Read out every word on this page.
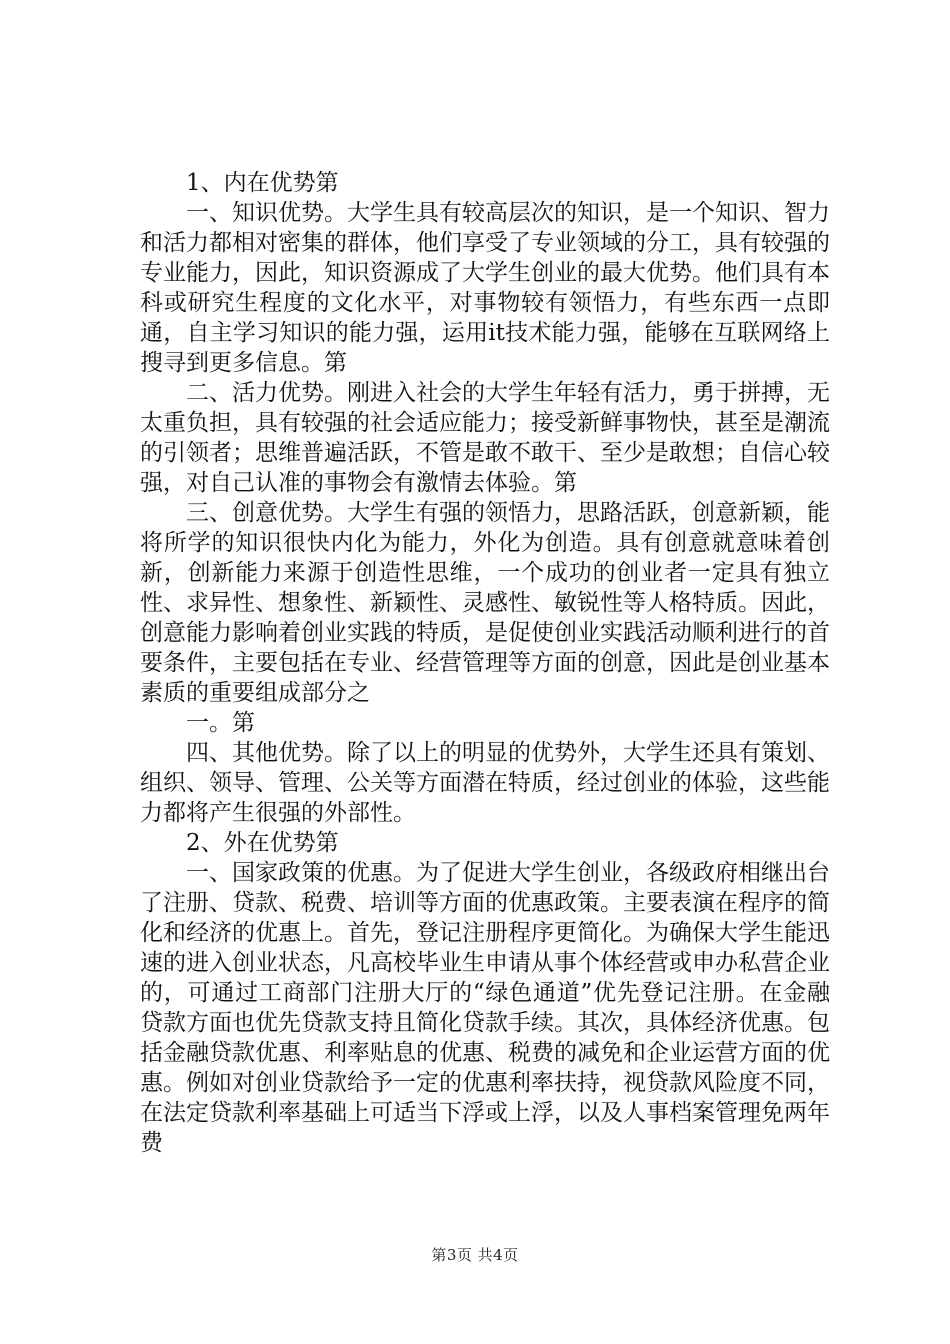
1、内在优势第

一、知识优势。大学生具有较高层次的知识，是一个知识、智力和活力都相对密集的群体，他们享受了专业领域的分工，具有较强的专业能力，因此，知识资源成了大学生创业的最大优势。他们具有本科或研究生程度的文化水平，对事物较有领悟力，有些东西一点即通，自主学习知识的能力强，运用it技术能力强，能够在互联网络上搜寻到更多信息。第

二、活力优势。刚进入社会的大学生年轻有活力，勇于拼搏，无太重负担，具有较强的社会适应能力；接受新鲜事物快，甚至是潮流的引领者；思维普遍活跃，不管是敢不敢干、至少是敢想；自信心较强，对自己认准的事物会有激情去体验。第

三、创意优势。大学生有强的领悟力，思路活跃，创意新颖，能将所学的知识很快内化为能力，外化为创造。具有创意就意味着创新，创新能力来源于创造性思维，一个成功的创业者一定具有独立性、求异性、想象性、新颖性、灵感性、敏锐性等人格特质。因此，创意能力影响着创业实践的特质，是促使创业实践活动顺利进行的首要条件，主要包括在专业、经营管理等方面的创意，因此是创业基本素质的重要组成部分之

一。第

四、其他优势。除了以上的明显的优势外，大学生还具有策划、组织、领导、管理、公关等方面潜在特质，经过创业的体验，这些能力都将产生很强的外部性。

2、外在优势第

一、国家政策的优惠。为了促进大学生创业，各级政府相继出台了注册、贷款、税费、培训等方面的优惠政策。主要表演在程序的简化和经济的优惠上。首先，登记注册程序更简化。为确保大学生能迅速的进入创业状态，凡高校毕业生申请从事个体经营或申办私营企业的，可通过工商部门注册大厅的“绿色通道”优先登记注册。在金融贷款方面也优先贷款支持且简化贷款手续。其次，具体经济优惠。包括金融贷款优惠、利率贴息的优惠、税费的减免和企业运营方面的优惠。例如对创业贷款给予一定的优惠利率扶持，视贷款风险度不同，在法定贷款利率基础上可适当下浮或上浮，以及人事档案管理免两年费

第3页 共4页
